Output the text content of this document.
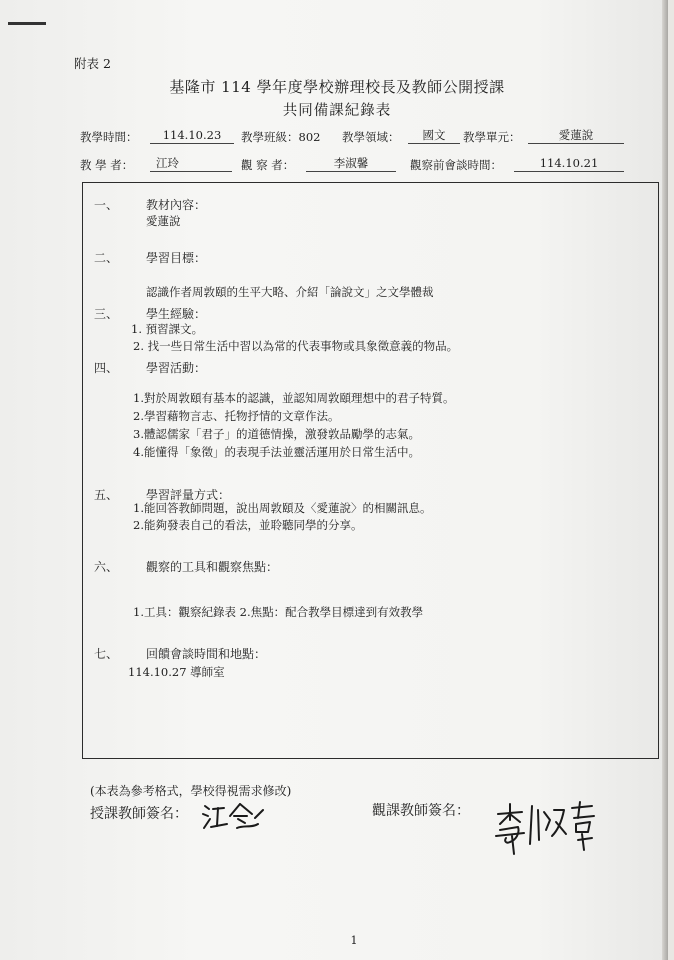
附表 2
基隆市 114 學年度學校辦理校長及教師公開授課
共同備課紀錄表
教學時間：	114.10.23	教學班級：802 教學領域：	國文	教學單元：	愛蓮說
教 學 者：	江玲	觀 察 者：	李淑馨	觀察前會談時間：	114.10.21
一、 教材內容：
愛蓮說
二、 學習目標：
認識作者周敦頤的生平大略、介紹「論說文」之文學體裁
三、 學生經驗：
1. 預習課文。
2. 找一些日常生活中習以為常的代表事物或具象徵意義的物品。
四、 學習活動：
1.對於周敦頤有基本的認識，並認知周敦頤理想中的君子特質。
2.學習藉物言志、托物抒情的文章作法。
3.體認儒家「君子」的道德情操，激發敦品勵學的志氣。
4.能懂得「象徵」的表現手法並靈活運用於日常生活中。
五、 學習評量方式：
1.能回答教師問題，說出周敦頤及〈愛蓮說〉的相關訊息。
2.能夠發表自己的看法，並聆聽同學的分享。
六、 觀察的工具和觀察焦點：
1.工具：觀察紀錄表 2.焦點：配合教學目標達到有效教學
七、 回饋會談時間和地點：
114.10.27 導師室
(本表為參考格式，學校得視需求修改)
授課教師簽名：	觀課教師簽名：
1
